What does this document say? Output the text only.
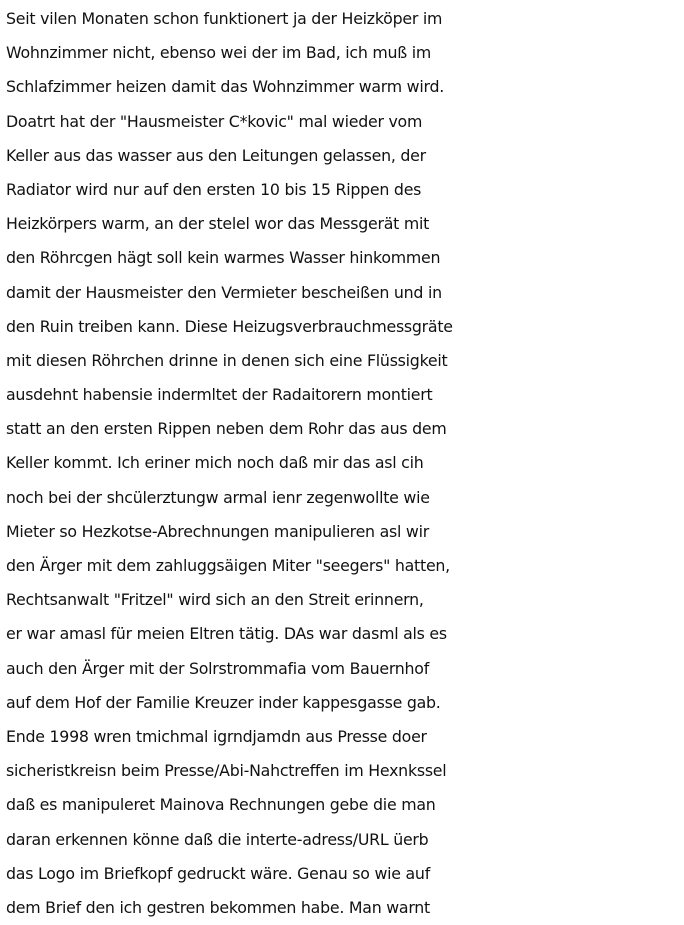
Seit vilen Monaten schon funktionert ja der Heizköper im
Wohnzimmer nicht, ebenso wei der im Bad, ich muß im
Schlafzimmer heizen damit das Wohnzimmer warm wird.
Doatrt hat der "Hausmeister C*kovic" mal wieder vom
Keller aus das wasser aus den Leitungen gelassen, der
Radiator wird nur auf den ersten 10 bis 15 Rippen des
Heizkörpers warm, an der stelel wor das Messgerät mit
den Röhrcgen hägt soll kein warmes Wasser hinkommen
damit der Hausmeister den Vermieter bescheißen und in
den Ruin treiben kann. Diese Heizugsverbrauchmessgräte
mit diesen Röhrchen drinne in denen sich eine Flüssigkeit
ausdehnt habensie indermltet der Radaitorern montiert
statt an den ersten Rippen neben dem Rohr das aus dem
Keller kommt. Ich eriner mich noch daß mir das asl cih
noch bei der shcülerztungw armal ienr zegenwollte wie
Mieter so Hezkotse-Abrechnungen manipulieren asl wir
den Ärger mit dem zahluggsäigen Miter "seegers" hatten,
Rechtsanwalt "Fritzel" wird sich an den Streit erinnern,
er war amasl für meien Eltren tätig. DAs war dasml als es
auch den Ärger mit der Solrstrommafia vom Bauernhof
auf dem Hof der Familie Kreuzer inder kappesgasse gab.
Ende 1998 wren tmichmal igrndjamdn aus Presse doer
sicheristkreisn beim Presse/Abi-Nahctreffen im Hexnkssel
daß es manipuleret Mainova Rechnungen gebe die man
daran erkennen könne daß die interte-adress/URL üerb
das Logo im Briefkopf gedruckt wäre. Genau so wie auf
dem Brief den ich gestren bekommen habe. Man warnt
